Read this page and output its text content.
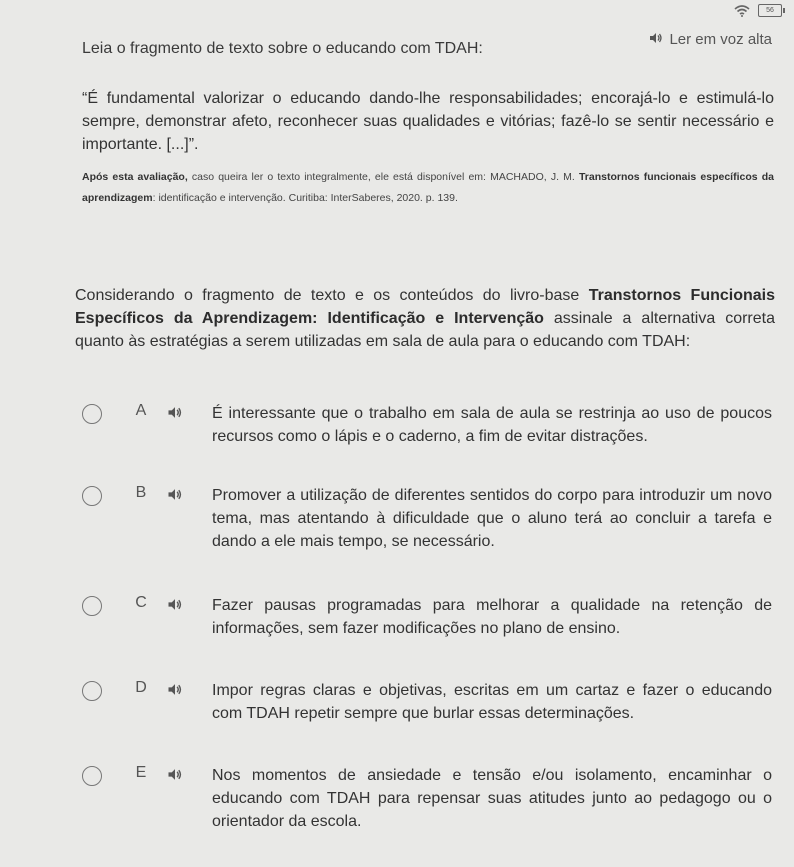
56
Ler em voz alta
Leia o fragmento de texto sobre o educando com TDAH:
“É fundamental valorizar o educando dando-lhe responsabilidades; encorajá-lo e estimulá-lo sempre, demonstrar afeto, reconhecer suas qualidades e vitórias; fazê-lo se sentir necessário e importante. [...]”.
Após esta avaliação, caso queira ler o texto integralmente, ele está disponível em: MACHADO, J. M. Transtornos funcionais específicos da aprendizagem: identificação e intervenção. Curitiba: InterSaberes, 2020. p. 139.
Considerando o fragmento de texto e os conteúdos do livro-base Transtornos Funcionais Específicos da Aprendizagem: Identificação e Intervenção assinale a alternativa correta quanto às estratégias a serem utilizadas em sala de aula para o educando com TDAH:
A	É interessante que o trabalho em sala de aula se restrinja ao uso de poucos recursos como o lápis e o caderno, a fim de evitar distrações.
B	Promover a utilização de diferentes sentidos do corpo para introduzir um novo tema, mas atentando à dificuldade que o aluno terá ao concluir a tarefa e dando a ele mais tempo, se necessário.
C	Fazer pausas programadas para melhorar a qualidade na retenção de informações, sem fazer modificações no plano de ensino.
D	Impor regras claras e objetivas, escritas em um cartaz e fazer o educando com TDAH repetir sempre que burlar essas determinações.
E	Nos momentos de ansiedade e tensão e/ou isolamento, encaminhar o educando com TDAH para repensar suas atitudes junto ao pedagogo ou o orientador da escola.
